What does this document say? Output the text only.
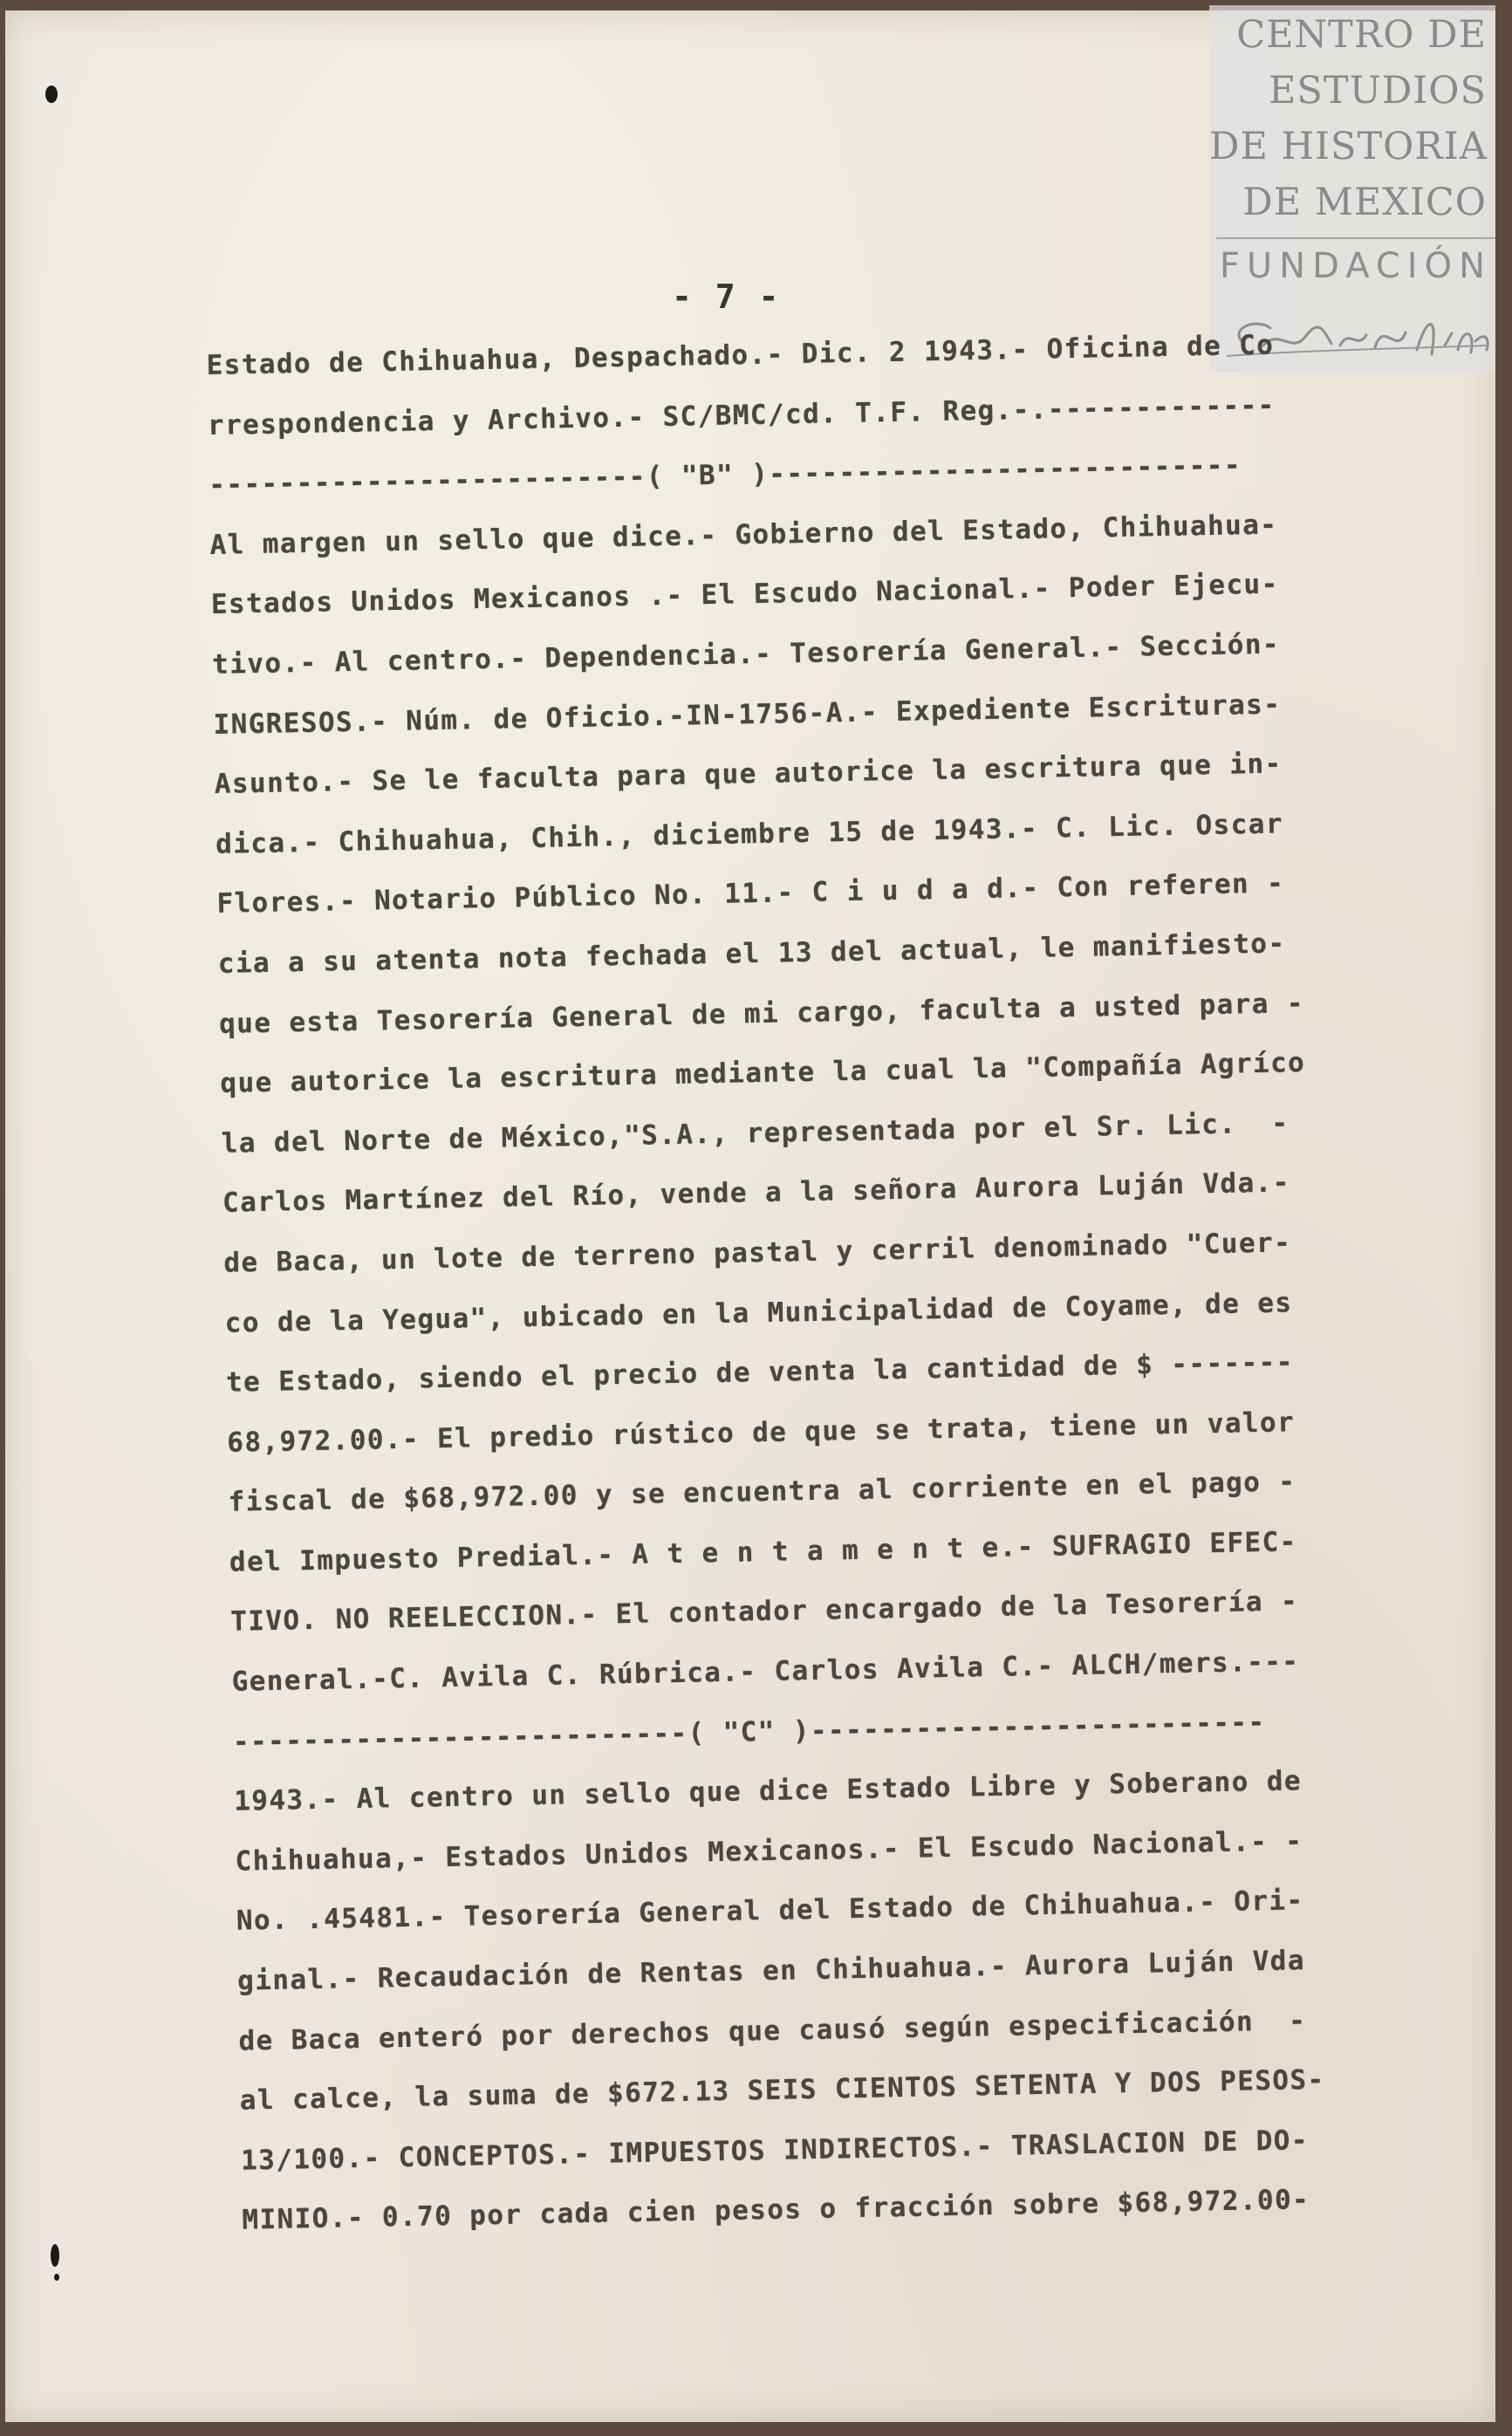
CENTRO DE
ESTUDIOS
DE HISTORIA
DE MEXICO
FUNDACIÓN
- 7 -
Estado de Chihuahua, Despachado.- Dic. 2 1943.- Oficina de Co
rrespondencia y Archivo.- SC/BMC/cd. T.F. Reg.-.-------------
-------------------------( "B" )---------------------------
Al margen un sello que dice.- Gobierno del Estado, Chihuahua-
Estados Unidos Mexicanos .- El Escudo Nacional.- Poder Ejecu-
tivo.- Al centro.- Dependencia.- Tesorería General.- Sección-
INGRESOS.- Núm. de Oficio.-IN-1756-A.- Expediente Escrituras-
Asunto.- Se le faculta para que autorice la escritura que in-
dica.- Chihuahua, Chih., diciembre 15 de 1943.- C. Lic. Oscar
Flores.- Notario Público No. 11.- C i u d a d.- Con referen -
cia a su atenta nota fechada el 13 del actual, le manifiesto-
que esta Tesorería General de mi cargo, faculta a usted para -
que autorice la escritura mediante la cual la "Compañía Agríco
la del Norte de México,"S.A., representada por el Sr. Lic.  -
Carlos Martínez del Río, vende a la señora Aurora Luján Vda.-
de Baca, un lote de terreno pastal y cerril denominado "Cuer-
co de la Yegua", ubicado en la Municipalidad de Coyame, de es
te Estado, siendo el precio de venta la cantidad de $ -------
68,972.00.- El predio rústico de que se trata, tiene un valor
fiscal de $68,972.00 y se encuentra al corriente en el pago -
del Impuesto Predial.- A t e n t a m e n t e.- SUFRAGIO EFEC-
TIVO. NO REELECCION.- El contador encargado de la Tesorería -
General.-C. Avila C. Rúbrica.- Carlos Avila C.- ALCH/mers.---
--------------------------( "C" )--------------------------
1943.- Al centro un sello que dice Estado Libre y Soberano de
Chihuahua,- Estados Unidos Mexicanos.- El Escudo Nacional.- -
No. .45481.- Tesorería General del Estado de Chihuahua.- Ori-
ginal.- Recaudación de Rentas en Chihuahua.- Aurora Luján Vda
de Baca enteró por derechos que causó según especificación  -
al calce, la suma de $672.13 SEIS CIENTOS SETENTA Y DOS PESOS-
13/100.- CONCEPTOS.- IMPUESTOS INDIRECTOS.- TRASLACION DE DO-
MINIO.- 0.70 por cada cien pesos o fracción sobre $68,972.00-
